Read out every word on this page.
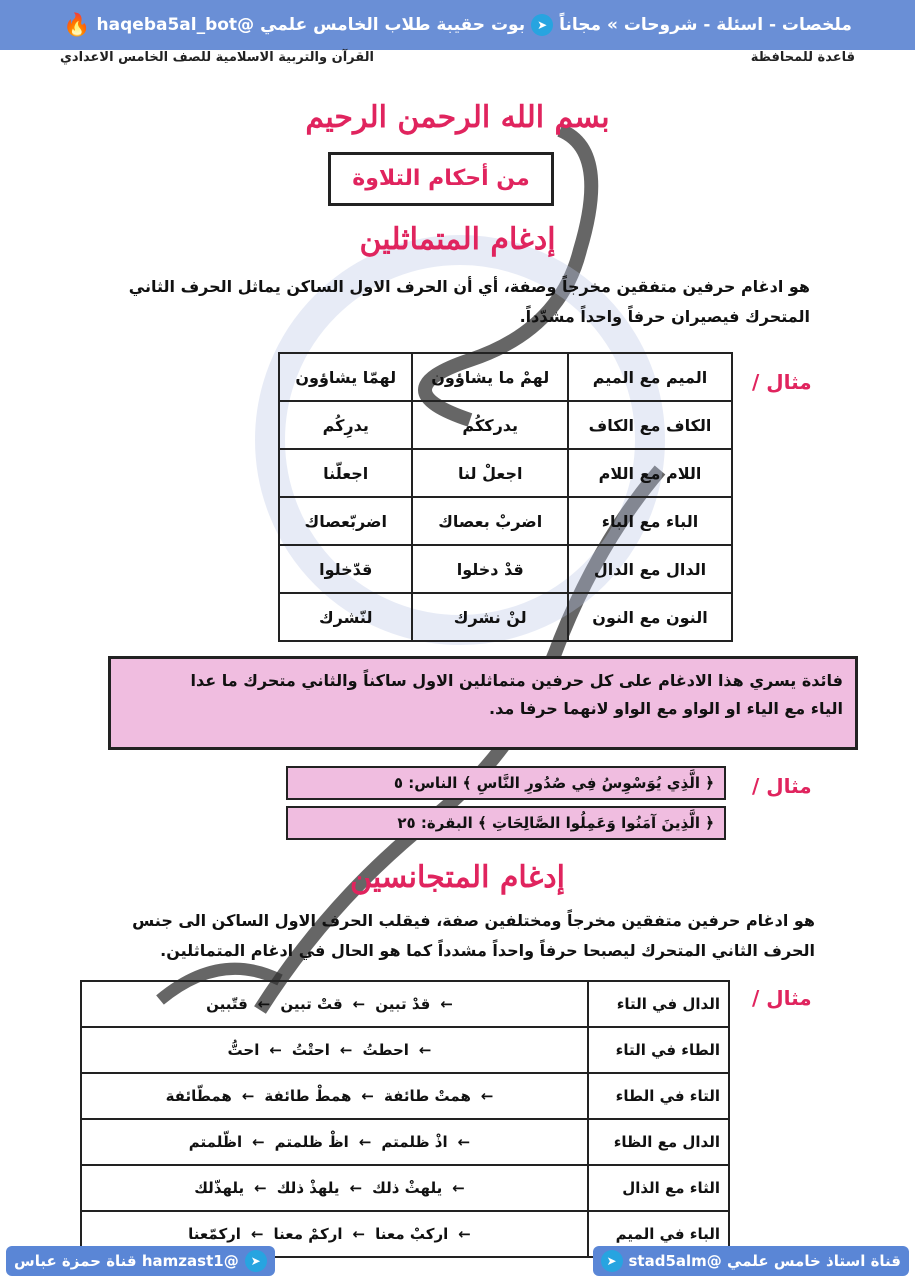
ملخصات - اسئلة - شروحات » مجاناً
➤
بوت حقيبة طلاب الخامس علمي
@haqeba5al_bot
🔥
قاعدة للمحافظة
القرآن والتربية الاسلامية للصف الخامس الاعدادي
بسم الله الرحمن الرحيم
من أحكام التلاوة
إدغام المتماثلين
هو ادغام حرفين متفقين مخرجاً وصفة، أي أن الحرف الاول الساكن يماثل الحرف الثاني
المتحرك فيصيران حرفاً واحداً مشدّداً.
مثال /
الميم مع الميم	لهمْ ما يشاؤون	لهمّا يشاؤون
الكاف مع الكاف	يدرككُم	يدرِكُم
اللام مع اللام	اجعلْ لنا	اجعلّنا
الباء مع الباء	اضربْ بعصاك	اضربّعصاك
الدال مع الدال	قدْ دخلوا	قدّخلوا
النون مع النون	لنْ نشرك	لنّشرك
فائدة يسري هذا الادغام على كل حرفين متماثلين الاول ساكناً والثاني متحرك ما عدا
الياء مع الياء او الواو مع الواو لانهما حرفا مد.
مثال /
﴿ الَّذِي يُوَسْوِسُ فِي صُدُورِ النَّاسِ ﴾ الناس: ٥
﴿ الَّذِينَ آمَنُوا وَعَمِلُوا الصَّالِحَاتِ ﴾ البقرة: ٢٥
إدغام المتجانسين
هو ادغام حرفين متفقين مخرجاً ومختلفين صفة، فيقلب الحرف الاول الساكن الى جنس
الحرف الثاني المتحرك ليصبحا حرفاً واحداً مشدداً كما هو الحال في ادغام المتماثلين.
مثال /
الدال في التاء	←قدْ تبين←قتْ تبين←قتّبين
الطاء في التاء	←احطتُ←احتْتُ←احتُّ
التاء في الطاء	←همتْ طائفة←همطْ طائفة←همطّائفة
الدال مع الظاء	←اذْ ظلمتم←اظْ ظلمتم←اظّلمتم
الثاء مع الذال	←يلهثْ ذلك←يلهذْ ذلك←يلهذّلك
الباء في الميم	←اركبْ معنا←اركمْ معنا←اركمّعنا
➤
@hamzast1 قناة حمزة عباس	قناة استاذ خامس علمي @stad5alm
➤
